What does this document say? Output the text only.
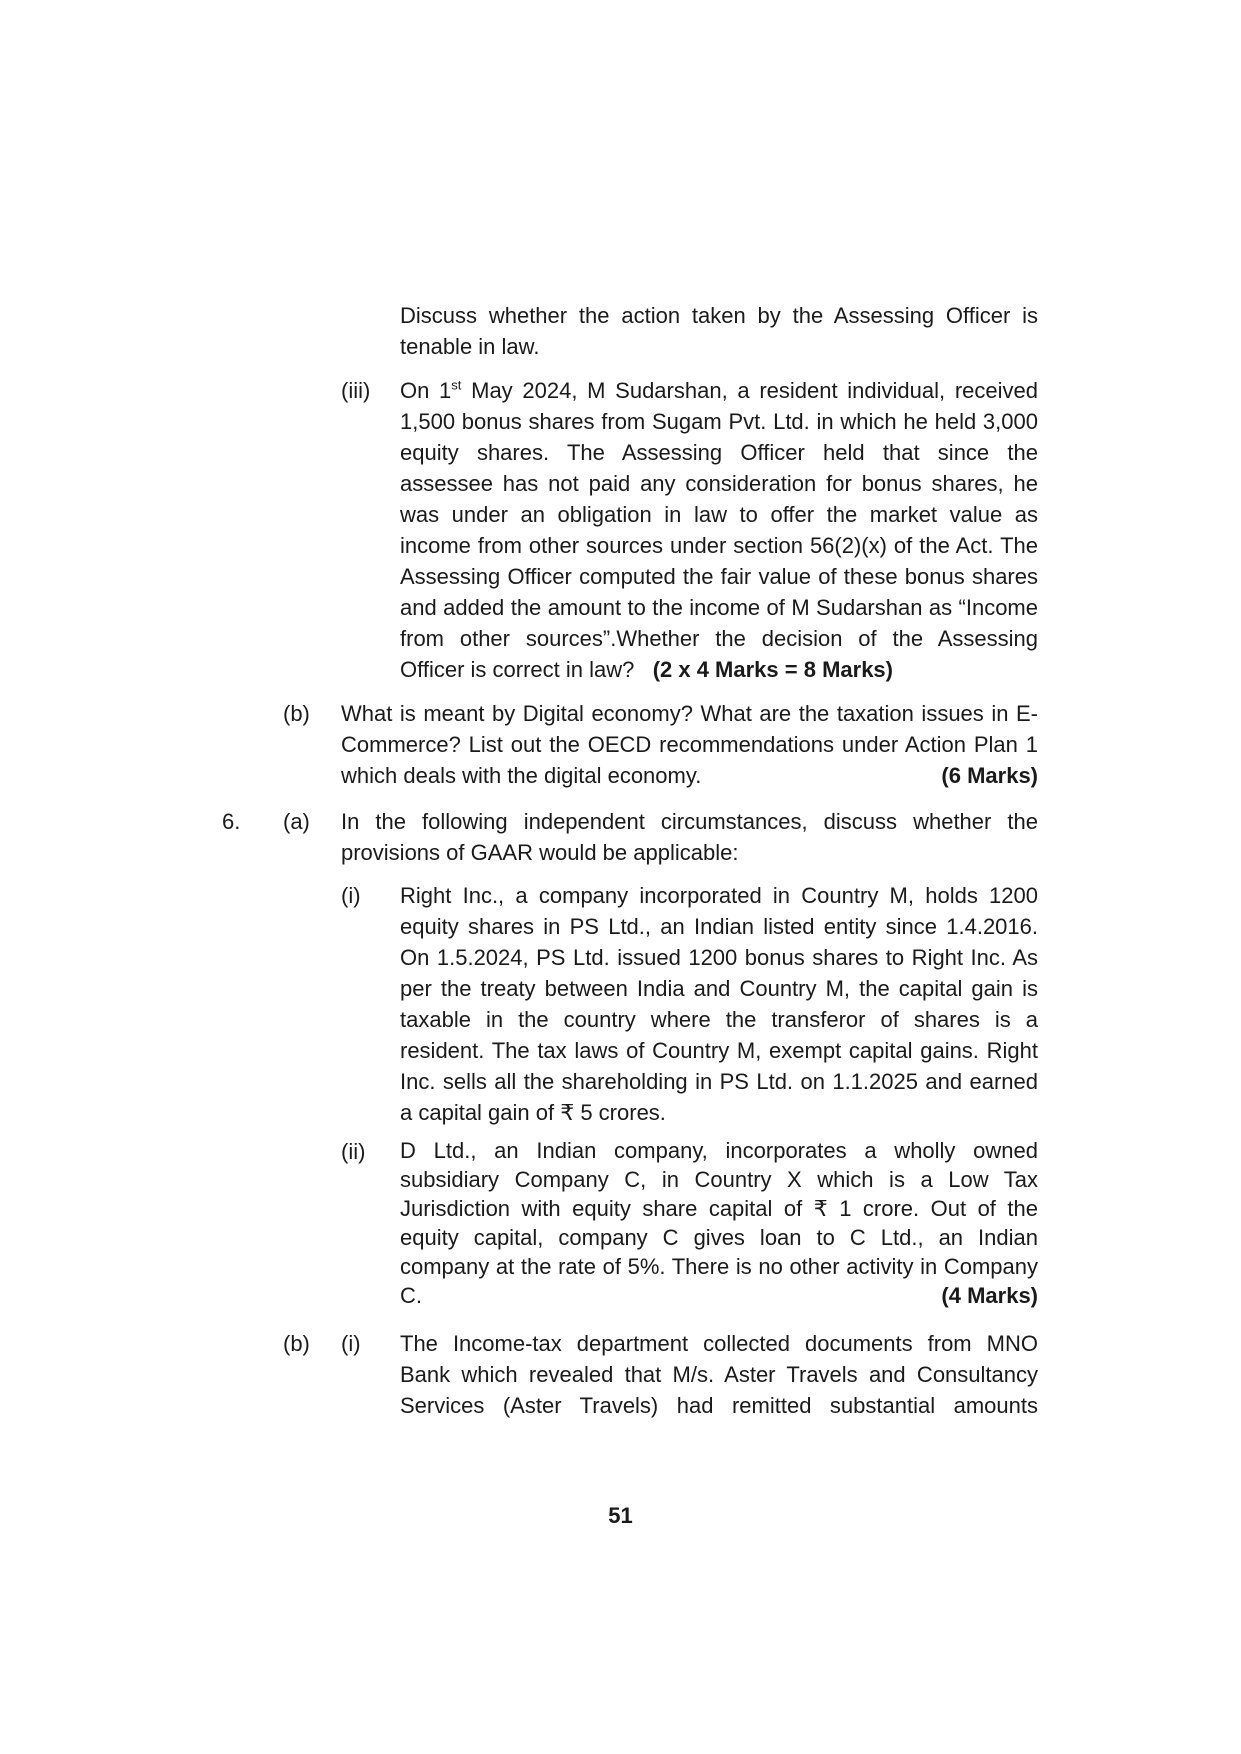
Discuss whether the action taken by the Assessing Officer is tenable in law.
(iii) On 1st May 2024, M Sudarshan, a resident individual, received 1,500 bonus shares from Sugam Pvt. Ltd. in which he held 3,000 equity shares. The Assessing Officer held that since the assessee has not paid any consideration for bonus shares, he was under an obligation in law to offer the market value as income from other sources under section 56(2)(x) of the Act. The Assessing Officer computed the fair value of these bonus shares and added the amount to the income of M Sudarshan as “Income from other sources”.Whether the decision of the Assessing Officer is correct in law? (2 x 4 Marks = 8 Marks)
(b) What is meant by Digital economy? What are the taxation issues in E-Commerce? List out the OECD recommendations under Action Plan 1 which deals with the digital economy.	(6 Marks)
6. (a) In the following independent circumstances, discuss whether the provisions of GAAR would be applicable:
(i) Right Inc., a company incorporated in Country M, holds 1200 equity shares in PS Ltd., an Indian listed entity since 1.4.2016. On 1.5.2024, PS Ltd. issued 1200 bonus shares to Right Inc. As per the treaty between India and Country M, the capital gain is taxable in the country where the transferor of shares is a resident. The tax laws of Country M, exempt capital gains. Right Inc. sells all the shareholding in PS Ltd. on 1.1.2025 and earned a capital gain of ₹ 5 crores.
(ii) D Ltd., an Indian company, incorporates a wholly owned subsidiary Company C, in Country X which is a Low Tax Jurisdiction with equity share capital of ₹ 1 crore. Out of the equity capital, company C gives loan to C Ltd., an Indian company at the rate of 5%. There is no other activity in Company C.	(4 Marks)
(b) (i) The Income-tax department collected documents from MNO Bank which revealed that M/s. Aster Travels and Consultancy Services (Aster Travels) had remitted substantial amounts
51
